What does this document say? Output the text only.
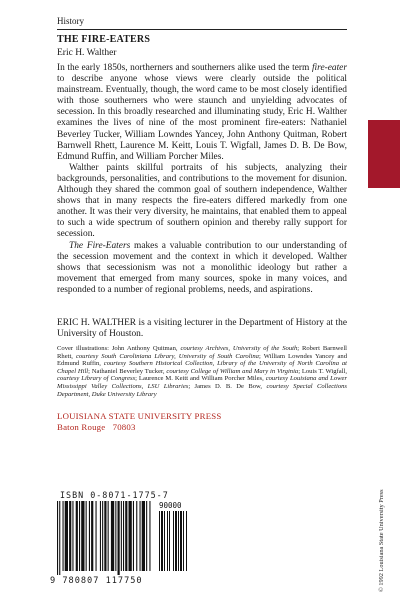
History
THE FIRE-EATERS
Eric H. Walther

In the early 1850s, northerners and southerners alike used the term fire-eater to describe anyone whose views were clearly outside the political mainstream. Eventually, though, the word came to be most closely identified with those southerners who were staunch and unyielding advocates of secession. In this broadly researched and illuminating study, Eric H. Walther examines the lives of nine of the most prominent fire-eaters: Nathaniel Beverley Tucker, William Lowndes Yancey, John Anthony Quitman, Robert Barnwell Rhett, Laurence M. Keitt, Louis T. Wigfall, James D. B. De Bow, Edmund Ruffin, and William Porcher Miles.

Walther paints skillful portraits of his subjects, analyzing their backgrounds, personalities, and contributions to the movement for disunion. Although they shared the common goal of southern independence, Walther shows that in many respects the fire-eaters differed markedly from one another. It was their very diversity, he maintains, that enabled them to appeal to such a wide spectrum of southern opinion and thereby rally support for secession.

The Fire-Eaters makes a valuable contribution to our understanding of the secession movement and the context in which it developed. Walther shows that secessionism was not a monolithic ideology but rather a movement that emerged from many sources, spoke in many voices, and responded to a number of regional problems, needs, and aspirations.

ERIC H. WALTHER is a visiting lecturer in the Department of History at the University of Houston.
Cover illustrations: John Anthony Quitman, courtesy Archives, University of the South; Robert Barnwell Rhett, courtesy South Caroliniana Library, University of South Carolina; William Lowndes Yancey and Edmund Ruffin, courtesy Southern Historical Collection, Library of the University of North Carolina at Chapel Hill; Nathaniel Beverley Tucker, courtesy College of William and Mary in Virginia; Louis T. Wigfall, courtesy Library of Congress; Laurence M. Keitt and William Porcher Miles, courtesy Louisiana and Lower Mississippi Valley Collections, LSU Libraries; James D. B. De Bow, courtesy Special Collections Department, Duke University Library
LOUISIANA STATE UNIVERSITY PRESS
Baton Rouge 70803
© 1992 Louisiana State University Press
ISBN 0-8071-1775-7
90000
9 780807 117750
